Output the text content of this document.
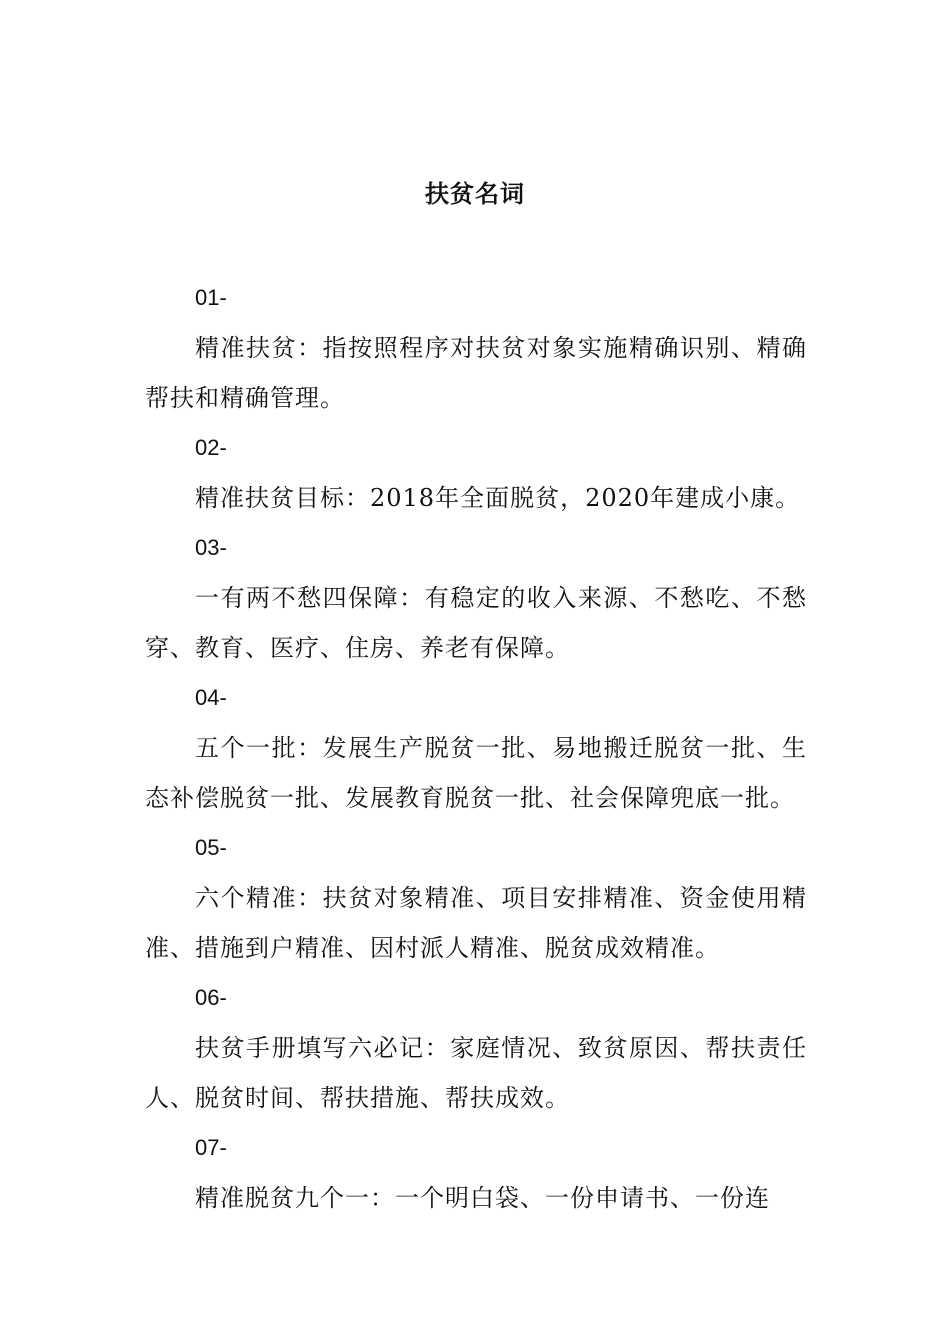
扶贫名词
01-

精准扶贫：指按照程序对扶贫对象实施精确识别、精确帮扶和精确管理。

02-

精准扶贫目标：2018年全面脱贫，2020年建成小康。

03-

一有两不愁四保障：有稳定的收入来源、不愁吃、不愁穿、教育、医疗、住房、养老有保障。

04-

五个一批：发展生产脱贫一批、易地搬迁脱贫一批、生态补偿脱贫一批、发展教育脱贫一批、社会保障兜底一批。

05-

六个精准：扶贫对象精准、项目安排精准、资金使用精准、措施到户精准、因村派人精准、脱贫成效精准。

06-

扶贫手册填写六必记：家庭情况、致贫原因、帮扶责任人、脱贫时间、帮扶措施、帮扶成效。

07-

精准脱贫九个一：一个明白袋、一份申请书、一份连
